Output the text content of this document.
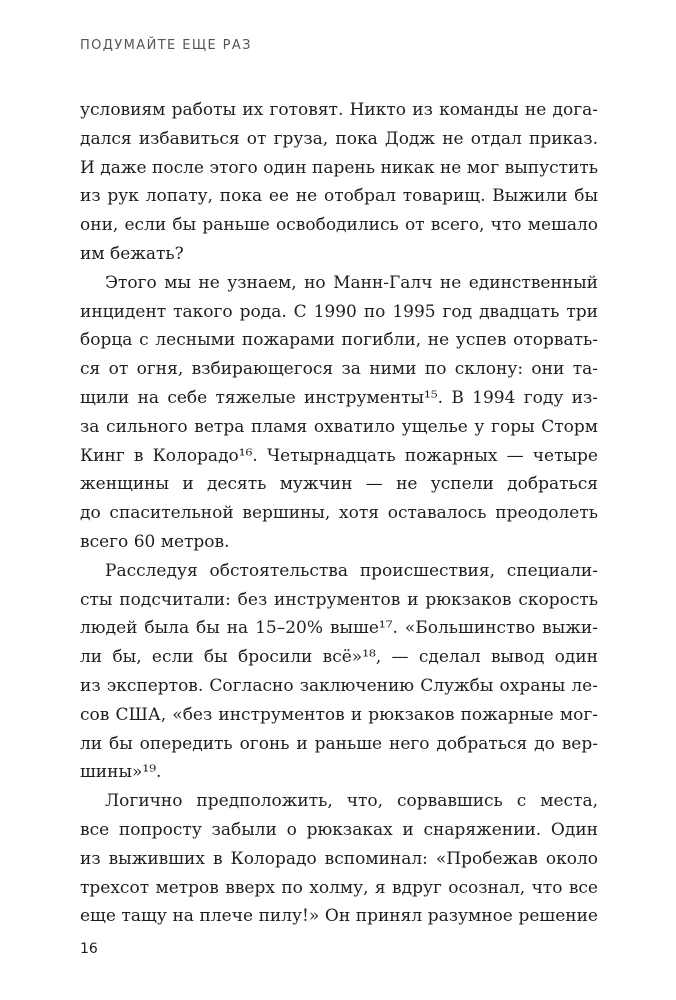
ПОДУМАЙТЕ ЕЩЕ РАЗ
условиям работы их готовят. Никто из команды не дога-
дался избавиться от груза, пока Додж не отдал приказ.
И даже после этого один парень никак не мог выпустить
из рук лопату, пока ее не отобрал товарищ. Выжили бы
они, если бы раньше освободились от всего, что мешало
им бежать?
Этого мы не узнаем, но Манн-Галч не единственный
инцидент такого рода. С 1990 по 1995 год двадцать три
борца с лесными пожарами погибли, не успев оторвать-
ся от огня, взбирающегося за ними по склону: они та-
щили на себе тяжелые инструменты¹⁵. В 1994 году из-
за сильного ветра пламя охватило ущелье у горы Сторм
Кинг в Колорадо¹⁶. Четырнадцать пожарных — четыре
женщины и десять мужчин — не успели добраться
до спасительной вершины, хотя оставалось преодолеть
всего 60 метров.
Расследуя обстоятельства происшествия, специали-
сты подсчитали: без инструментов и рюкзаков скорость
людей была бы на 15–20% выше¹⁷. «Большинство выжи-
ли бы, если бы бросили всё»¹⁸, — сделал вывод один
из экспертов. Согласно заключению Службы охраны ле-
сов США, «без инструментов и рюкзаков пожарные мог-
ли бы опередить огонь и раньше него добраться до вер-
шины»¹⁹.
Логично предположить, что, сорвавшись с места,
все попросту забыли о рюкзаках и снаряжении. Один
из выживших в Колорадо вспоминал: «Пробежав около
трехсот метров вверх по холму, я вдруг осознал, что все
еще тащу на плече пилу!» Он принял разумное решение
16
